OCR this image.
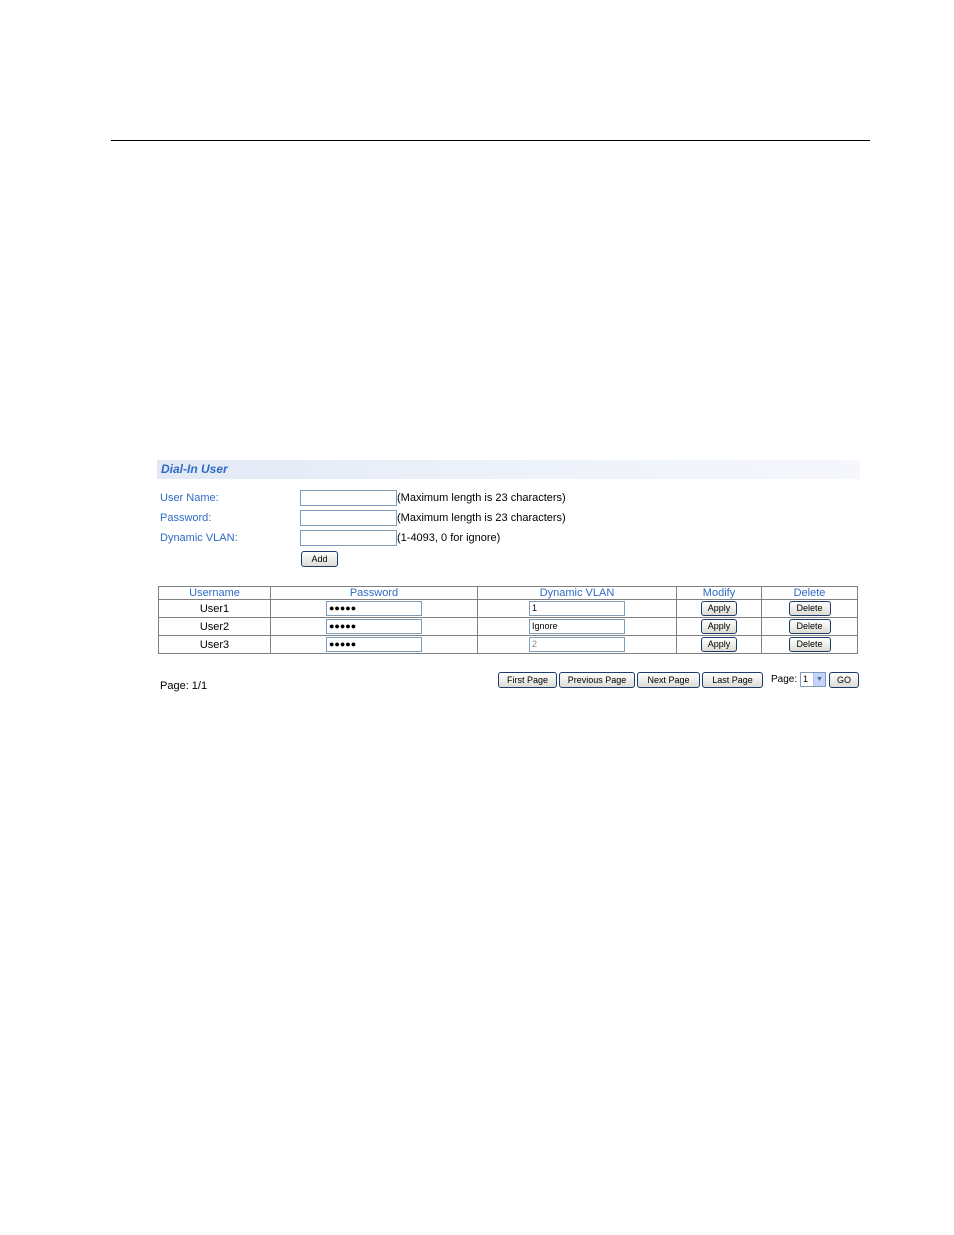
Dial-In User
User Name:	(Maximum length is 23 characters)
Password:	(Maximum length is 23 characters)
Dynamic VLAN:	(1-4093, 0 for ignore)
Add
Username	Password	Dynamic VLAN	Modify	Delete
User1	●●●●●	1	Apply	Delete
User2	●●●●●	Ignore	Apply	Delete
User3	●●●●●	2	Apply	Delete
Page: 1/1	First Page	Previous Page	Next Page	Last Page	Page: 1	▼	GO
